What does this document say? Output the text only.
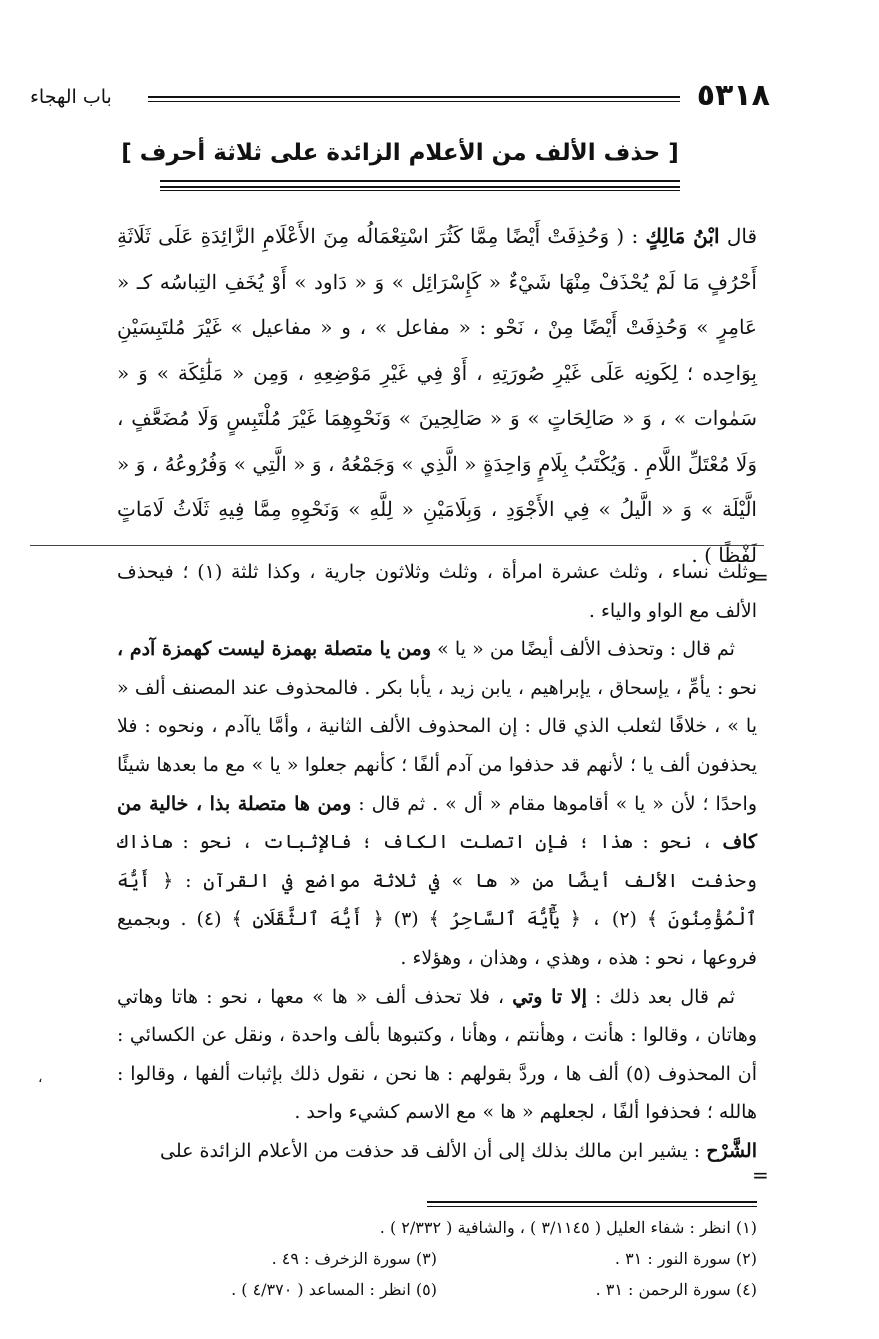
٥٣١٨
باب الهجاء
[ حذف الألف من الأعلام الزائدة على ثلاثة أحرف ]
قال ابْنُ مَالِكٍ : ( وَحُذِفَتْ أَيْضًا مِمَّا كَثُرَ اسْتِعْمَالُه مِنَ الأَعْلَامِ الزَّائِدَةِ عَلَى ثَلَاثَةِ أَحْرُفٍ مَا لَمْ يُحْذَفْ مِنْهَا شَيْءٌ « كَإِسْرَائِل » وَ « دَاود » أَوْ يُخَفِ التِباسُه كـ « عَامِرٍ » وَحُذِفَتْ أَيْضًا مِنْ ، نَحْو : « مفاعل » ، و « مفاعيل » غَيْرَ مُلتَبِسَيْنِ بِوَاحِده ؛ لِكَونِه عَلَى غَيْرِ صُورَتِهِ ، أَوْ فِي غَيْرِ مَوْضِعِهِ ، وَمِن « مَلَٰئِكَة » وَ « سَمٰوات » ، وَ « صَالِحَاتٍ » وَ « صَالِحِينَ » وَنَحْوِهِمَا غَيْرَ مُلْتَبِسٍ وَلَا مُضَعَّفٍ ، وَلَا مُعْتَلِّ اللَّامِ . وَيُكْتَبُ بِلَامٍ وَاحِدَةٍ « الَّذِي » وَجَمْعُهُ ، وَ « الَّتِي » وَفُرُوعُهُ ، وَ « الَّيْلَة » وَ « الَّيلُ » فِي الأَجْوَدِ ، وَبِلَامَيْنِ « لِلَّهِ » وَنَحْوِهِ مِمَّا فِيهِ ثَلَاثُ لَامَاتٍ لَفْظًا ) .
=

وثلث نساء ، وثلث عشرة امرأة ، وثلث وثلاثون جارية ، وكذا ثلثة (١) ؛ فيحذف الألف مع الواو والياء .

ثم قال : وتحذف الألف أيضًا من « يا » ومن يا متصلة بهمزة ليست كهمزة آدم ، نحو : يأمِّ ، يإسحاق ، يإبراهيم ، يابن زيد ، يأبا بكر . فالمحذوف عند المصنف ألف « يا » ، خلافًا لثعلب الذي قال : إن المحذوف الألف الثانية ، وأمَّا ياآدم ، ونحوه : فلا يحذفون ألف يا ؛ لأنهم قد حذفوا من آدم ألفًا ؛ كأنهم جعلوا « يا » مع ما بعدها شيئًا واحدًا ؛ لأن « يا » أقاموها مقام « أل » . ثم قال : ومن ها متصلة بذا ، خالية من كاف ، نحو : هذا ؛ فإن اتصلت الكاف ؛ فالإثبات ، نحو : هاذاك وحذفت الألف أيضًا من « ها » في ثلاثة مواضع في القرآن : ﴿ أَيُّهَ ٱلْمُؤْمِنُونَ ﴾ (٢) ، ﴿ يَٰٓأَيُّهَ ٱلسَّاحِرُ ﴾ (٣) ﴿ أَيُّهَ ٱلثَّقَلَانِ ﴾ (٤) . وبجميع فروعها ، نحو : هذه ، وهذي ، وهذان ، وهؤلاء .

ثم قال بعد ذلك : إلا تا وتي ، فلا تحذف ألف « ها » معها ، نحو : هاتا وهاتي وهاتان ، وقالوا : هأنت ، وهأنتم ، وهأنا ، وكتبوها بألف واحدة ، ونقل عن الكسائي : أن المحذوف (٥) ألف ها ، وردَّ بقولهم : ها نحن ، نقول ذلك بإثبات ألفها ، وقالوا : هالله ؛ فحذفوا ألفًا ، لجعلهم « ها » مع الاسم كشيء واحد .

الشَّرْح : يشير ابن مالك بذلك إلى أن الألف قد حذفت من الأعلام الزائدة على

،
=
(١) انظر : شفاء العليل ( ٣/١١٤٥ ) ، والشافية ( ٢/٣٣٢ ) .
(٢) سورة النور : ٣١ .
(٣) سورة الزخرف : ٤٩ .
(٤) سورة الرحمن : ٣١ .
(٥) انظر : المساعد ( ٤/٣٧٠ ) .
